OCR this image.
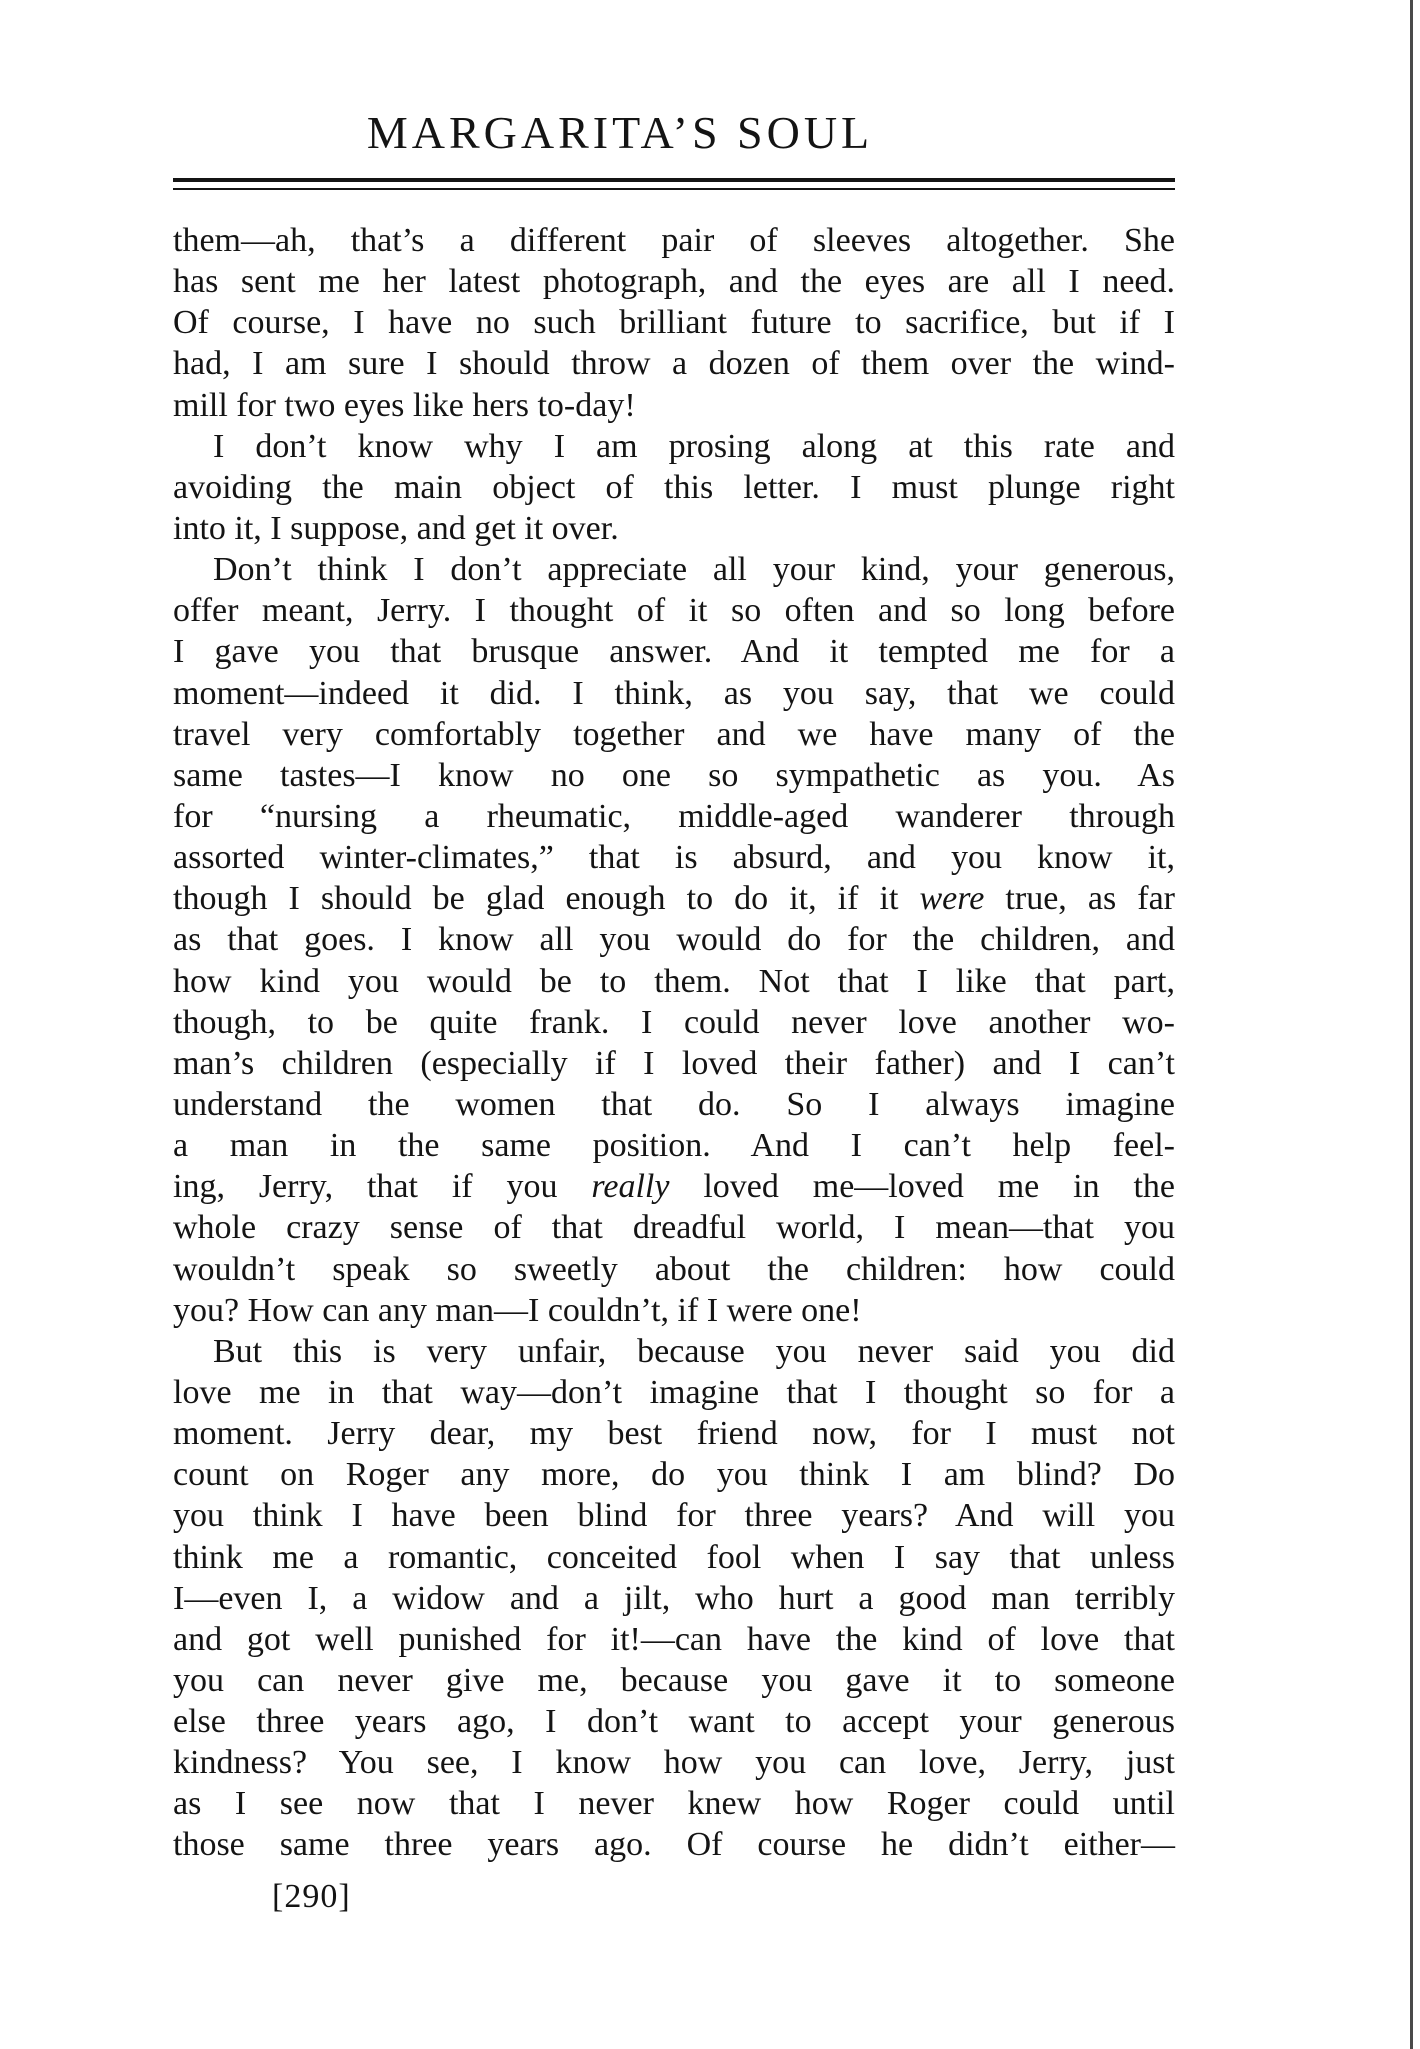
MARGARITA’S SOUL
them—ah, that’s a different pair of sleeves altogether. She
has sent me her latest photograph, and the eyes are all I need.
Of course, I have no such brilliant future to sacrifice, but if I
had, I am sure I should throw a dozen of them over the wind-
mill for two eyes like hers to-day!
I don’t know why I am prosing along at this rate and
avoiding the main object of this letter. I must plunge right
into it, I suppose, and get it over.
Don’t think I don’t appreciate all your kind, your generous,
offer meant, Jerry. I thought of it so often and so long before
I gave you that brusque answer. And it tempted me for a
moment—indeed it did. I think, as you say, that we could
travel very comfortably together and we have many of the
same tastes—I know no one so sympathetic as you. As
for “nursing a rheumatic, middle-aged wanderer through
assorted winter-climates,” that is absurd, and you know it,
though I should be glad enough to do it, if it were true, as far
as that goes. I know all you would do for the children, and
how kind you would be to them. Not that I like that part,
though, to be quite frank. I could never love another wo-
man’s children (especially if I loved their father) and I can’t
understand the women that do. So I always imagine
a man in the same position. And I can’t help feel-
ing, Jerry, that if you really loved me—loved me in the
whole crazy sense of that dreadful world, I mean—that you
wouldn’t speak so sweetly about the children: how could
you? How can any man—I couldn’t, if I were one!
But this is very unfair, because you never said you did
love me in that way—don’t imagine that I thought so for a
moment. Jerry dear, my best friend now, for I must not
count on Roger any more, do you think I am blind? Do
you think I have been blind for three years? And will you
think me a romantic, conceited fool when I say that unless
I—even I, a widow and a jilt, who hurt a good man terribly
and got well punished for it!—can have the kind of love that
you can never give me, because you gave it to someone
else three years ago, I don’t want to accept your generous
kindness? You see, I know how you can love, Jerry, just
as I see now that I never knew how Roger could until
those same three years ago. Of course he didn’t either—
[290]
